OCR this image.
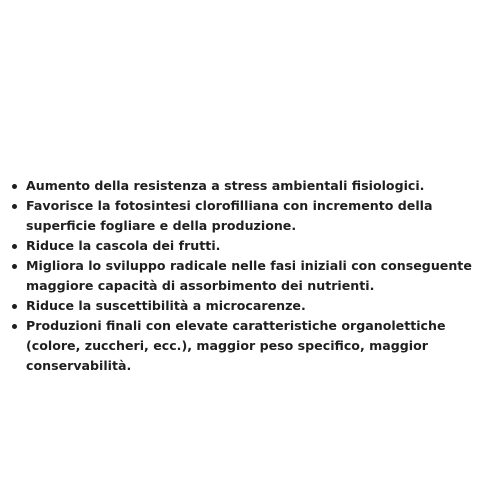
Aumento della resistenza a stress ambientali fisiologici.
Favorisce la fotosintesi clorofilliana con incremento della superficie fogliare e della produzione.
Riduce la cascola dei frutti.
Migliora lo sviluppo radicale nelle fasi iniziali con conseguente maggiore capacità di assorbimento dei nutrienti.
Riduce la suscettibilità a microcarenze.
Produzioni finali con elevate caratteristiche organolettiche (colore, zuccheri, ecc.), maggior peso specifico, maggior conservabilità.
